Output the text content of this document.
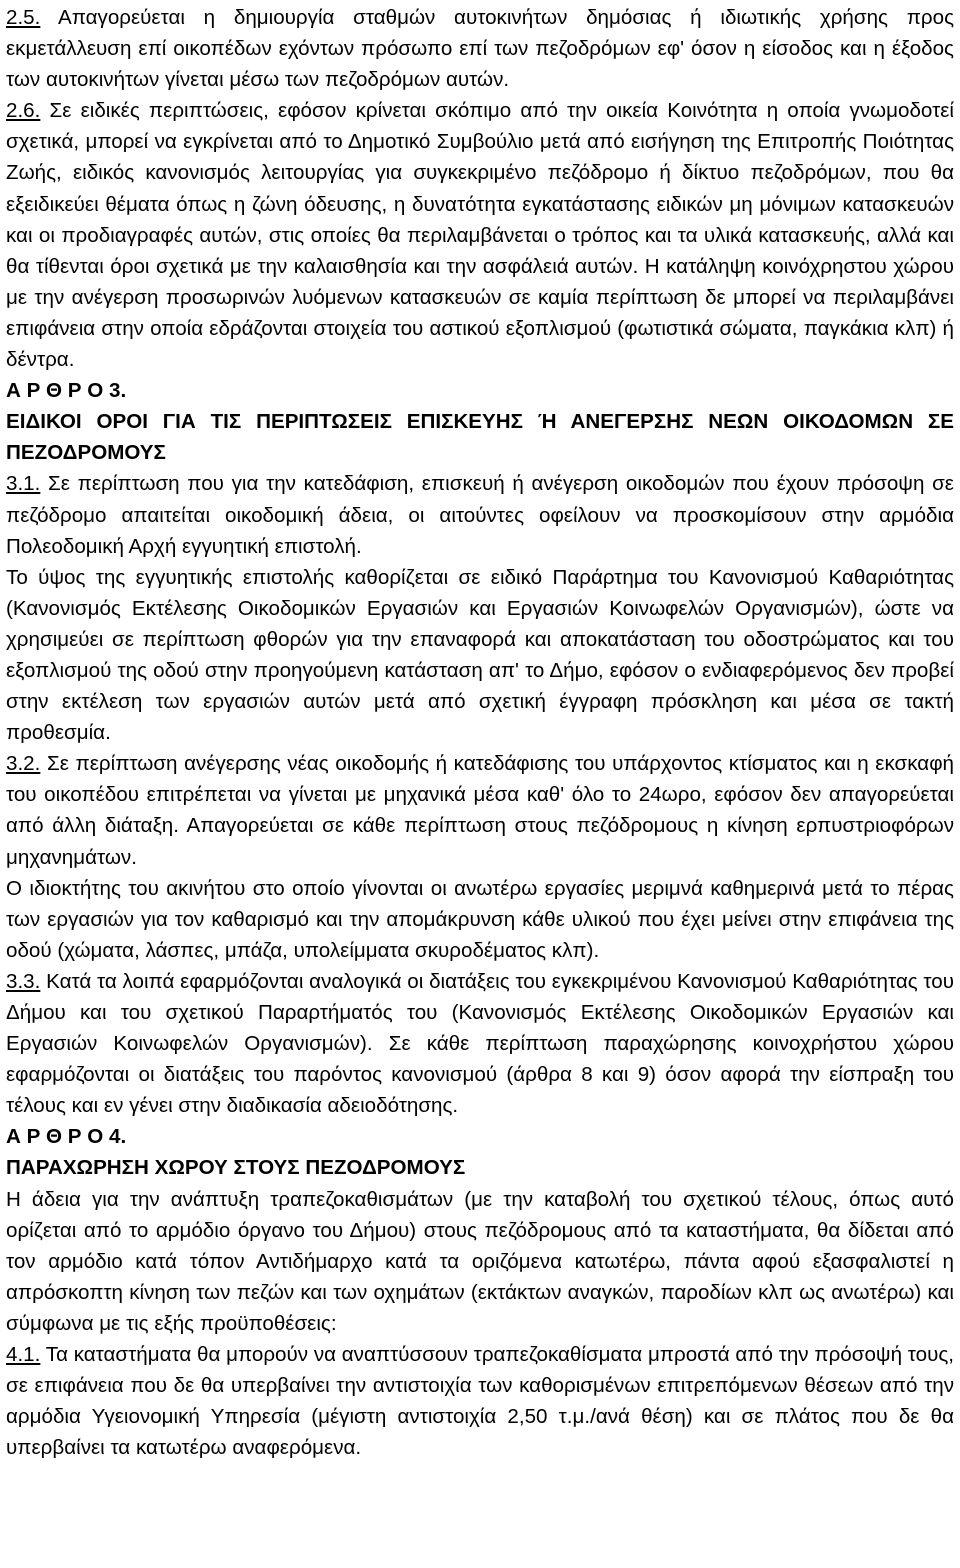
2.5. Απαγορεύεται η δημιουργία σταθμών αυτοκινήτων δημόσιας ή ιδιωτικής χρήσης προς εκμετάλλευση επί οικοπέδων εχόντων πρόσωπο επί των πεζοδρόμων εφ' όσον η είσοδος και η έξοδος των αυτοκινήτων γίνεται μέσω των πεζοδρόμων αυτών.

2.6. Σε ειδικές περιπτώσεις, εφόσον κρίνεται σκόπιμο από την οικεία Κοινότητα η οποία γνωμοδοτεί σχετικά, μπορεί να εγκρίνεται από το Δημοτικό Συμβούλιο μετά από εισήγηση της Επιτροπής Ποιότητας Ζωής, ειδικός κανονισμός λειτουργίας για συγκεκριμένο πεζόδρομο ή δίκτυο πεζοδρόμων, που θα εξειδικεύει θέματα όπως η ζώνη όδευσης, η δυνατότητα εγκατάστασης ειδικών μη μόνιμων κατασκευών και οι προδιαγραφές αυτών, στις οποίες θα περιλαμβάνεται ο τρόπος και τα υλικά κατασκευής, αλλά και θα τίθενται όροι σχετικά με την καλαισθησία και την ασφάλειά αυτών. Η κατάληψη κοινόχρηστου χώρου με την ανέγερση προσωρινών λυόμενων κατασκευών σε καμία περίπτωση δε μπορεί να περιλαμβάνει επιφάνεια στην οποία εδράζονται στοιχεία του αστικού εξοπλισμού (φωτιστικά σώματα, παγκάκια κλπ) ή δέντρα.

Α Ρ Θ Ρ Ο 3.

ΕΙΔΙΚΟΙ ΟΡΟΙ ΓΙΑ ΤΙΣ ΠΕΡΙΠΤΩΣΕΙΣ ΕΠΙΣΚΕΥΗΣ Ή ΑΝΕΓΕΡΣΗΣ ΝΕΩΝ ΟΙΚΟΔΟΜΩΝ ΣΕ ΠΕΖΟΔΡΟΜΟΥΣ

3.1. Σε περίπτωση που για την κατεδάφιση, επισκευή ή ανέγερση οικοδομών που έχουν πρόσοψη σε πεζόδρομο απαιτείται οικοδομική άδεια, οι αιτούντες οφείλουν να προσκομίσουν στην αρμόδια Πολεοδομική Αρχή εγγυητική επιστολή.

Το ύψος της εγγυητικής επιστολής καθορίζεται σε ειδικό Παράρτημα του Κανονισμού Καθαριότητας (Κανονισμός Εκτέλεσης Οικοδομικών Εργασιών και Εργασιών Κοινωφελών Οργανισμών), ώστε να χρησιμεύει σε περίπτωση φθορών για την επαναφορά και αποκατάσταση του οδοστρώματος και του εξοπλισμού της οδού στην προηγούμενη κατάσταση απ' το Δήμο, εφόσον ο ενδιαφερόμενος δεν προβεί στην εκτέλεση των εργασιών αυτών μετά από σχετική έγγραφη πρόσκληση και μέσα σε τακτή προθεσμία.

3.2. Σε περίπτωση ανέγερσης νέας οικοδομής ή κατεδάφισης του υπάρχοντος κτίσματος και η εκσκαφή του οικοπέδου επιτρέπεται να γίνεται με μηχανικά μέσα καθ' όλο το 24ωρο, εφόσον δεν απαγορεύεται από άλλη διάταξη. Απαγορεύεται σε κάθε περίπτωση στους πεζόδρομους η κίνηση ερπυστριοφόρων μηχανημάτων.

Ο ιδιοκτήτης του ακινήτου στο οποίο γίνονται οι ανωτέρω εργασίες μεριμνά καθημερινά μετά το πέρας των εργασιών για τον καθαρισμό και την απομάκρυνση κάθε υλικού που έχει μείνει στην επιφάνεια της οδού (χώματα, λάσπες, μπάζα, υπολείμματα σκυροδέματος κλπ).

3.3. Κατά τα λοιπά εφαρμόζονται αναλογικά οι διατάξεις του εγκεκριμένου Κανονισμού Καθαριότητας του Δήμου και του σχετικού Παραρτήματός του (Κανονισμός Εκτέλεσης Οικοδομικών Εργασιών και Εργασιών Κοινωφελών Οργανισμών). Σε κάθε περίπτωση παραχώρησης κοινοχρήστου χώρου εφαρμόζονται οι διατάξεις του παρόντος κανονισμού (άρθρα 8 και 9) όσον αφορά την είσπραξη του τέλους και εν γένει στην διαδικασία αδειοδότησης.

Α Ρ Θ Ρ Ο 4.

ΠΑΡΑΧΩΡΗΣΗ ΧΩΡΟΥ ΣΤΟΥΣ ΠΕΖΟΔΡΟΜΟΥΣ

Η άδεια για την ανάπτυξη τραπεζοκαθισμάτων (με την καταβολή του σχετικού τέλους, όπως αυτό ορίζεται από το αρμόδιο όργανο του Δήμου) στους πεζόδρομους από τα καταστήματα, θα δίδεται από τον αρμόδιο κατά τόπον Αντιδήμαρχο κατά τα οριζόμενα κατωτέρω, πάντα αφού εξασφαλιστεί η απρόσκοπτη κίνηση των πεζών και των οχημάτων (εκτάκτων αναγκών, παροδίων κλπ ως ανωτέρω) και σύμφωνα με τις εξής προϋποθέσεις:

4.1. Τα καταστήματα θα μπορούν να αναπτύσσουν τραπεζοκαθίσματα μπροστά από την πρόσοψή τους, σε επιφάνεια που δε θα υπερβαίνει την αντιστοιχία των καθορισμένων επιτρεπόμενων θέσεων από την αρμόδια Υγειονομική Υπηρεσία (μέγιστη αντιστοιχία 2,50 τ.μ./ανά θέση) και σε πλάτος που δε θα υπερβαίνει τα κατωτέρω αναφερόμενα.
